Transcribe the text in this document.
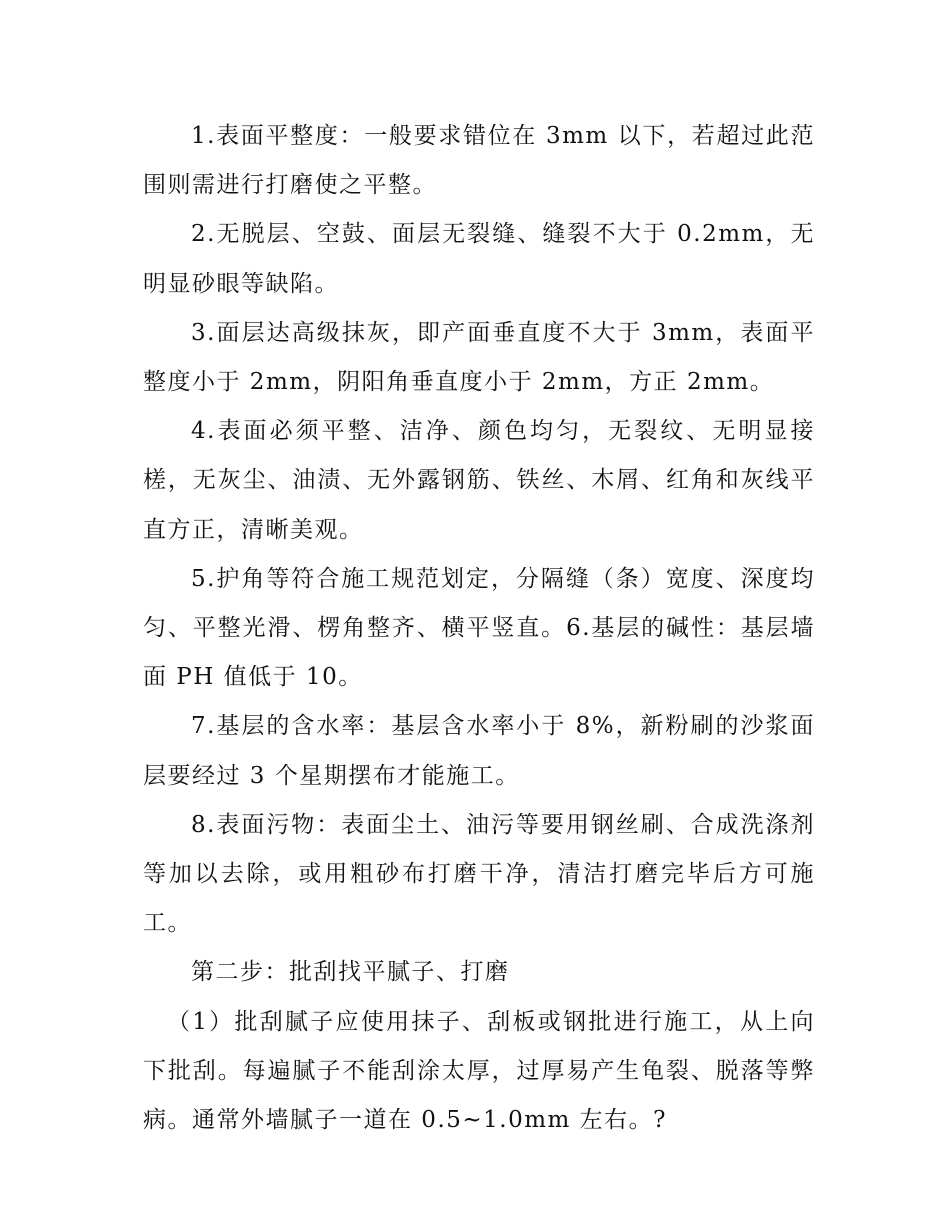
1.表面平整度：一般要求错位在 3mm 以下，若超过此范围则需进行打磨使之平整。

2.无脱层、空鼓、面层无裂缝、缝裂不大于 0.2mm，无明显砂眼等缺陷。

3.面层达高级抹灰，即产面垂直度不大于 3mm，表面平整度小于 2mm，阴阳角垂直度小于 2mm，方正 2mm。

4.表面必须平整、洁净、颜色均匀，无裂纹、无明显接槎，无灰尘、油渍、无外露钢筋、铁丝、木屑、红角和灰线平直方正，清晰美观。

5.护角等符合施工规范划定，分隔缝（条）宽度、深度均匀、平整光滑、楞角整齐、横平竖直。6.基层的碱性：基层墙面 PH 值低于 10。

7.基层的含水率：基层含水率小于 8%，新粉刷的沙浆面层要经过 3 个星期摆布才能施工。

8.表面污物：表面尘土、油污等要用钢丝刷、合成洗涤剂等加以去除，或用粗砂布打磨干净，清洁打磨完毕后方可施工。

第二步：批刮找平腻子、打磨

（1）批刮腻子应使用抹子、刮板或钢批进行施工，从上向下批刮。每遍腻子不能刮涂太厚，过厚易产生龟裂、脱落等弊病。通常外墙腻子一道在 0.5~1.0mm 左右。?
